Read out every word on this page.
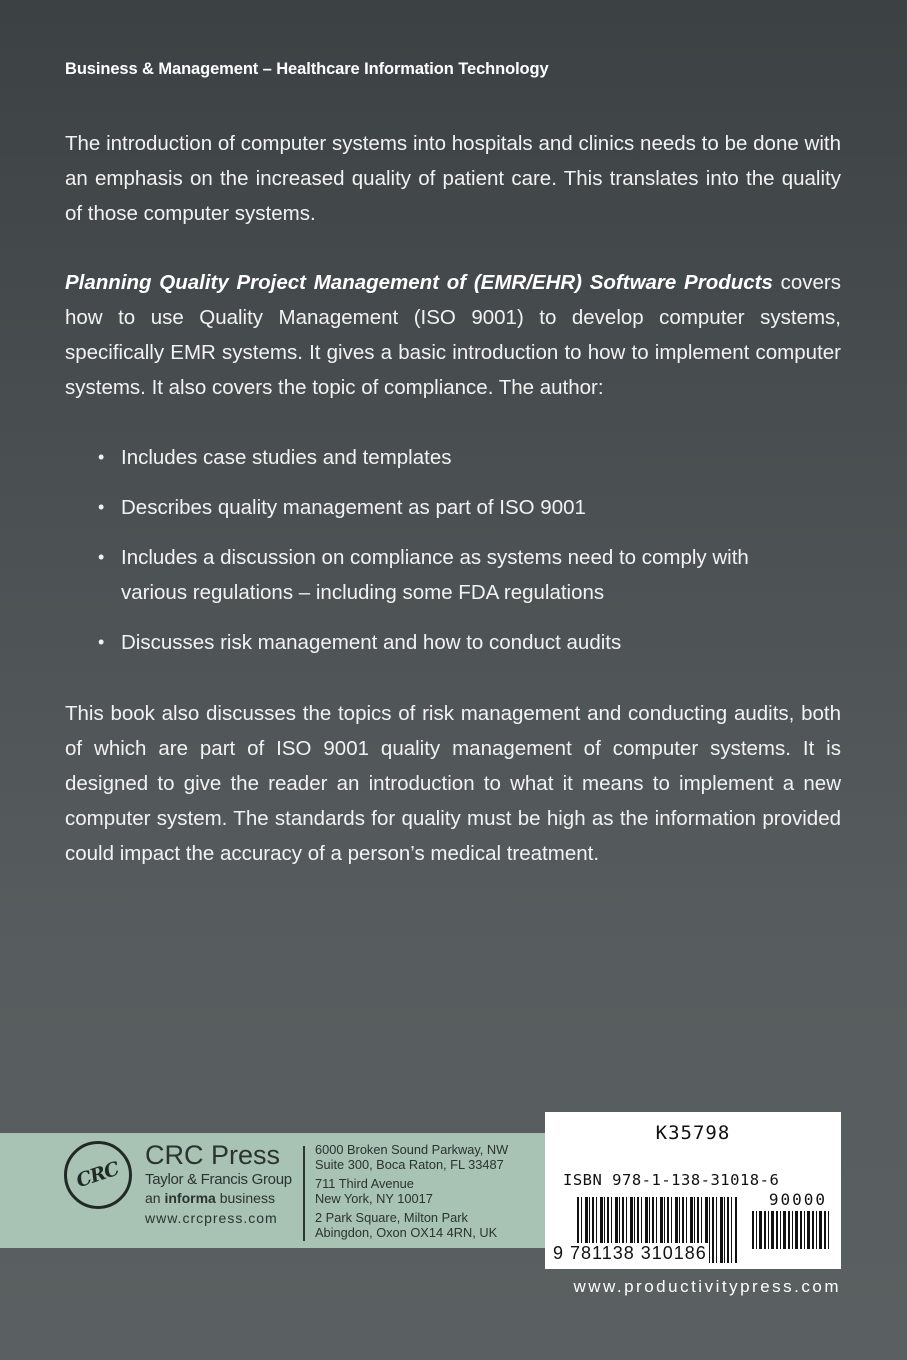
Business & Management – Healthcare Information Technology

The introduction of computer systems into hospitals and clinics needs to be done with an emphasis on the increased quality of patient care. This translates into the quality of those computer systems.

Planning Quality Project Management of (EMR/EHR) Software Products covers how to use Quality Management (ISO 9001) to develop computer systems, specifically EMR systems. It gives a basic introduction to how to implement computer systems. It also covers the topic of compliance. The author:

• Includes case studies and templates
• Describes quality management as part of ISO 9001
• Includes a discussion on compliance as systems need to comply with various regulations – including some FDA regulations
• Discusses risk management and how to conduct audits

This book also discusses the topics of risk management and conducting audits, both of which are part of ISO 9001 quality management of computer systems. It is designed to give the reader an introduction to what it means to implement a new computer system. The standards for quality must be high as the information provided could impact the accuracy of a person’s medical treatment.

CRC
CRC Press
Taylor & Francis Group
an informa business
www.crcpress.com
6000 Broken Sound Parkway, NW
Suite 300, Boca Raton, FL 33487
711 Third Avenue
New York, NY 10017
2 Park Square, Milton Park
Abingdon, Oxon OX14 4RN, UK
K35798
ISBN 978-1-138-31018-6
90000
9 781138 310186
www.productivitypress.com
